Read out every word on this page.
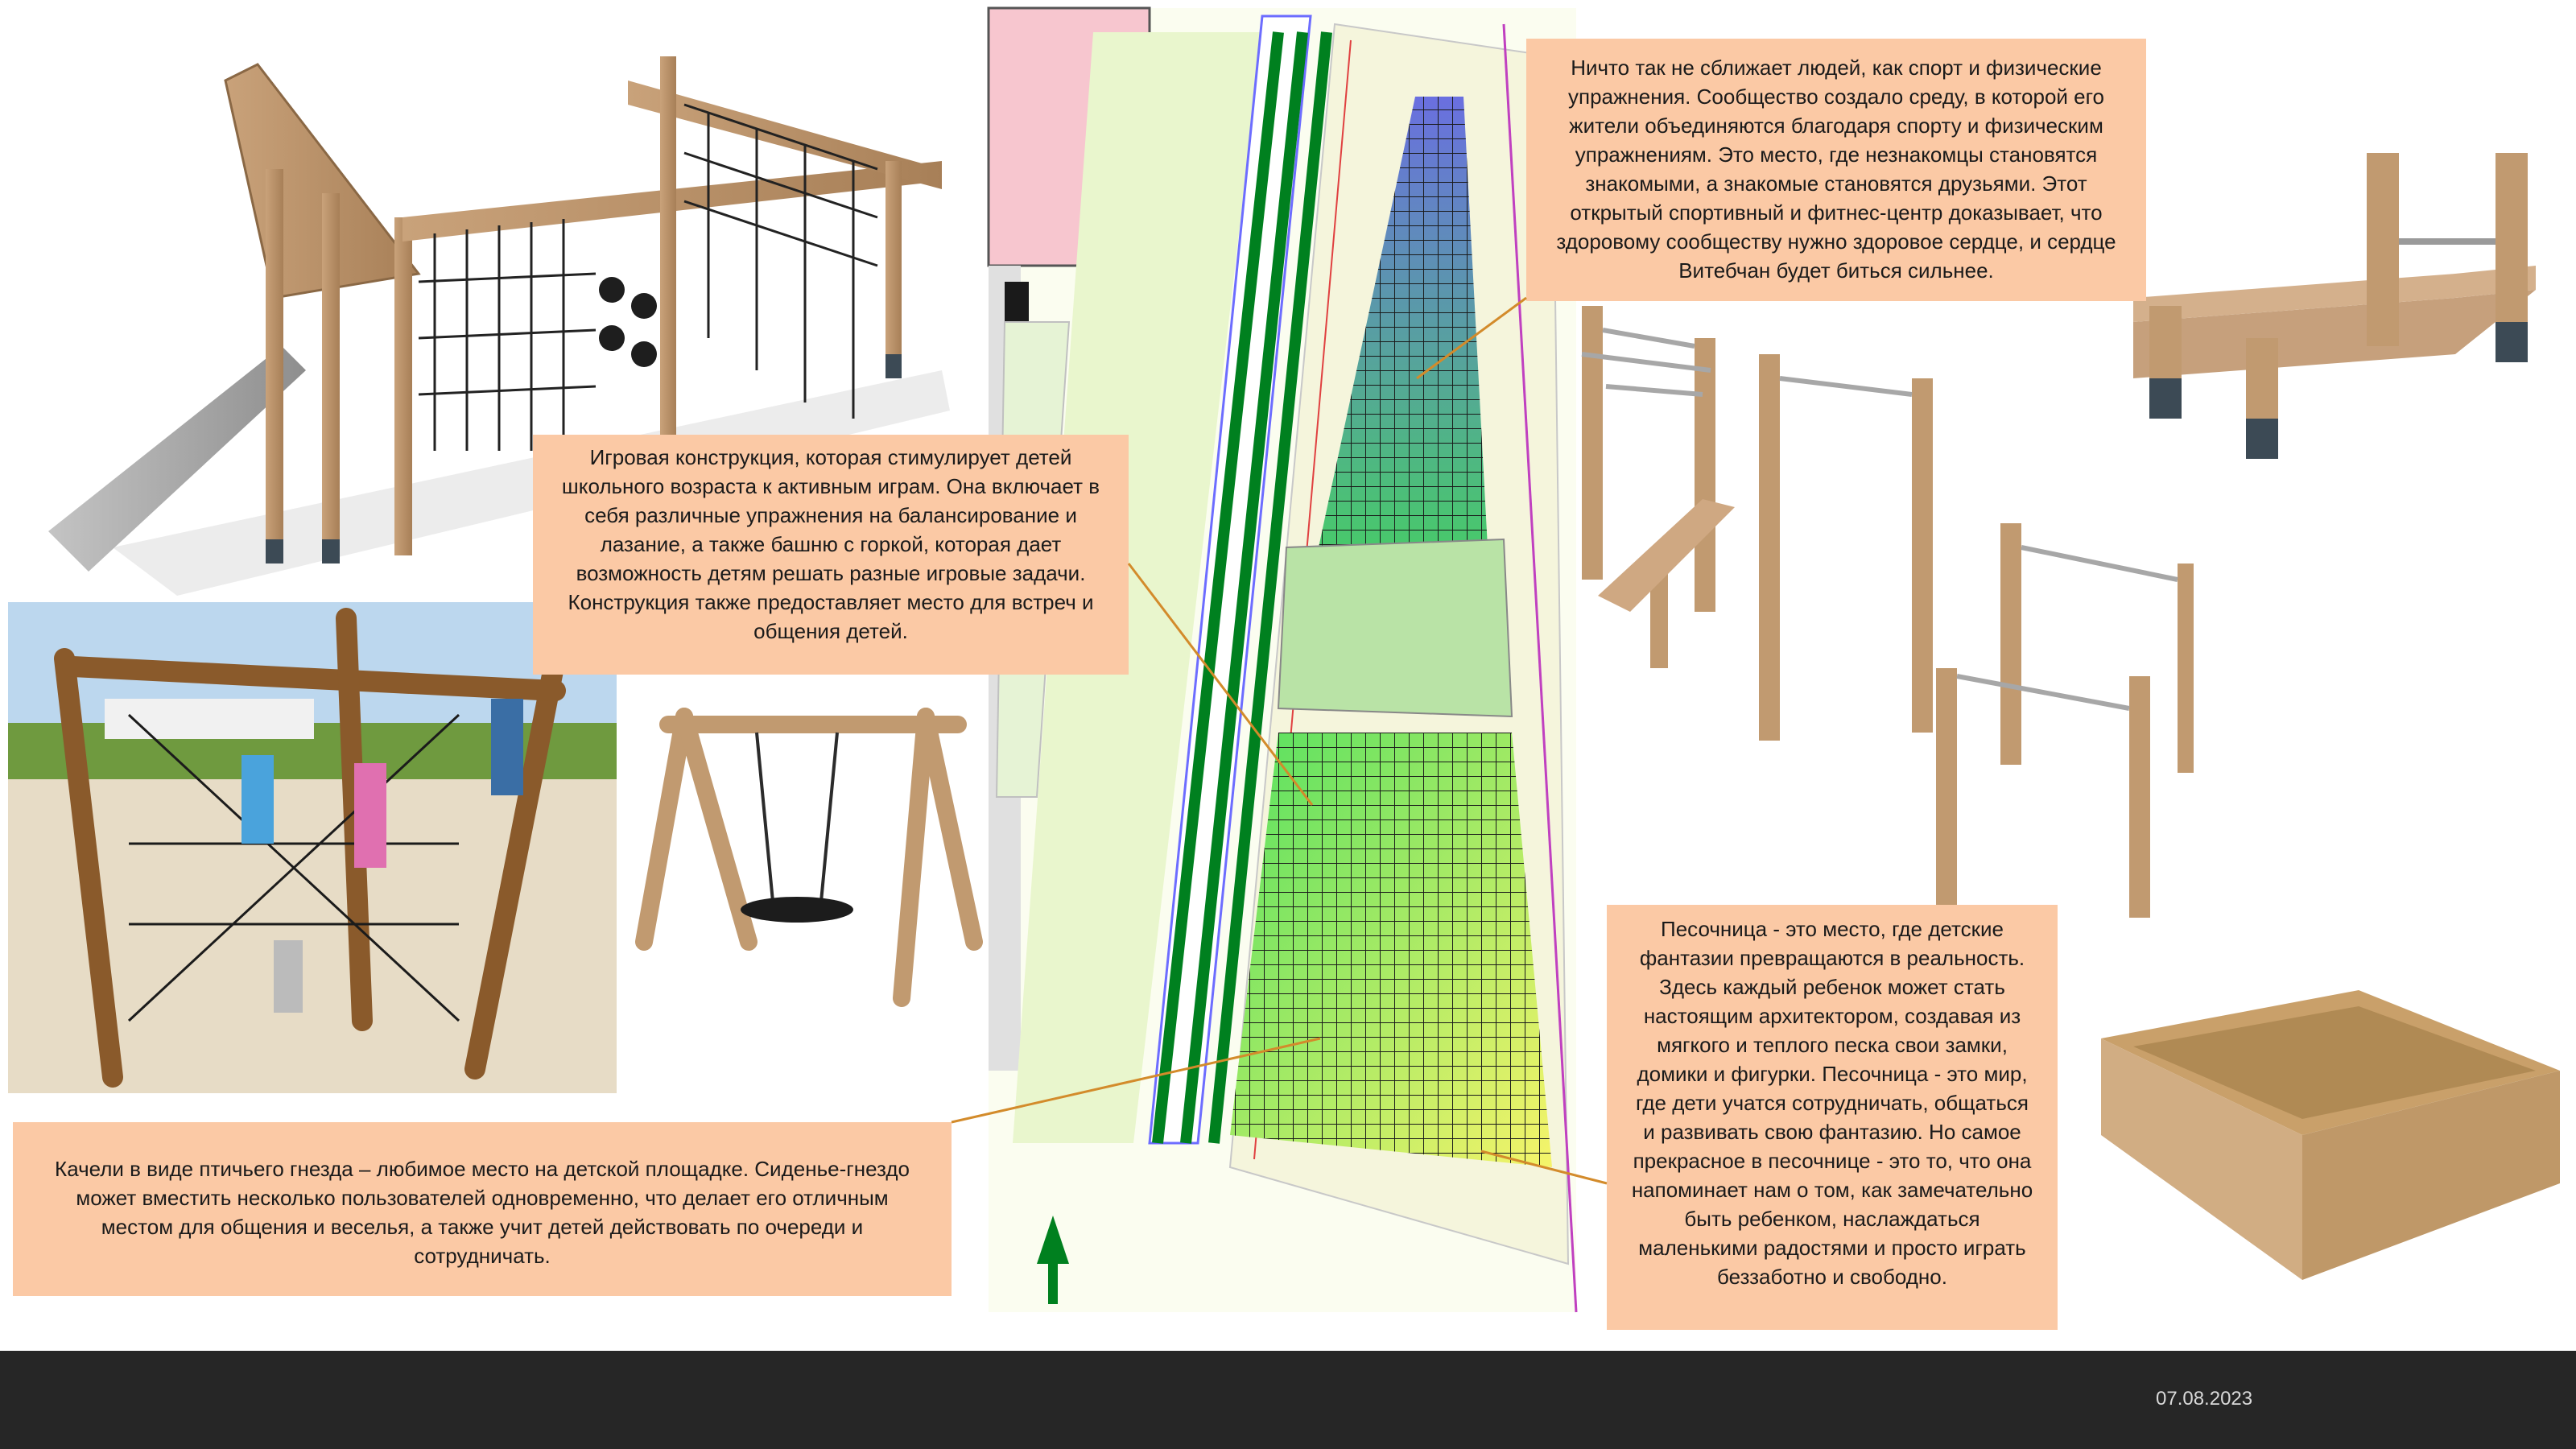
Ничто так не сближает людей, как спорт и физические упражнения. Сообщество создало среду, в которой его жители объединяются благодаря спорту и физическим упражнениям. Это место, где незнакомцы становятся знакомыми, а знакомые становятся друзьями. Этот открытый спортивный и фитнес-центр доказывает, что здоровому сообществу нужно здоровое сердце, и сердце Витебчан будет биться сильнее.
Игровая конструкция, которая стимулирует детей школьного возраста к активным играм. Она включает в себя различные упражнения на балансирование и лазание, а также башню с горкой, которая дает возможность детям решать разные игровые задачи.
Конструкция также предоставляет место для встреч и общения детей.
Качели в виде птичьего гнезда – любимое место на детской площадке. Сиденье-гнездо может вместить несколько пользователей одновременно, что делает его отличным местом для общения и веселья, а также учит детей действовать по очереди и сотрудничать.
Песочница - это место, где детские фантазии превращаются в реальность. Здесь каждый ребенок может стать настоящим архитектором, создавая из мягкого и теплого песка свои замки, домики и фигурки. Песочница - это мир, где дети учатся сотрудничать, общаться и развивать свою фантазию. Но самое прекрасное в песочнице - это то, что она напоминает нам о том, как замечательно быть ребенком, наслаждаться маленькими радостями и просто играть беззаботно и свободно.
07.08.2023
